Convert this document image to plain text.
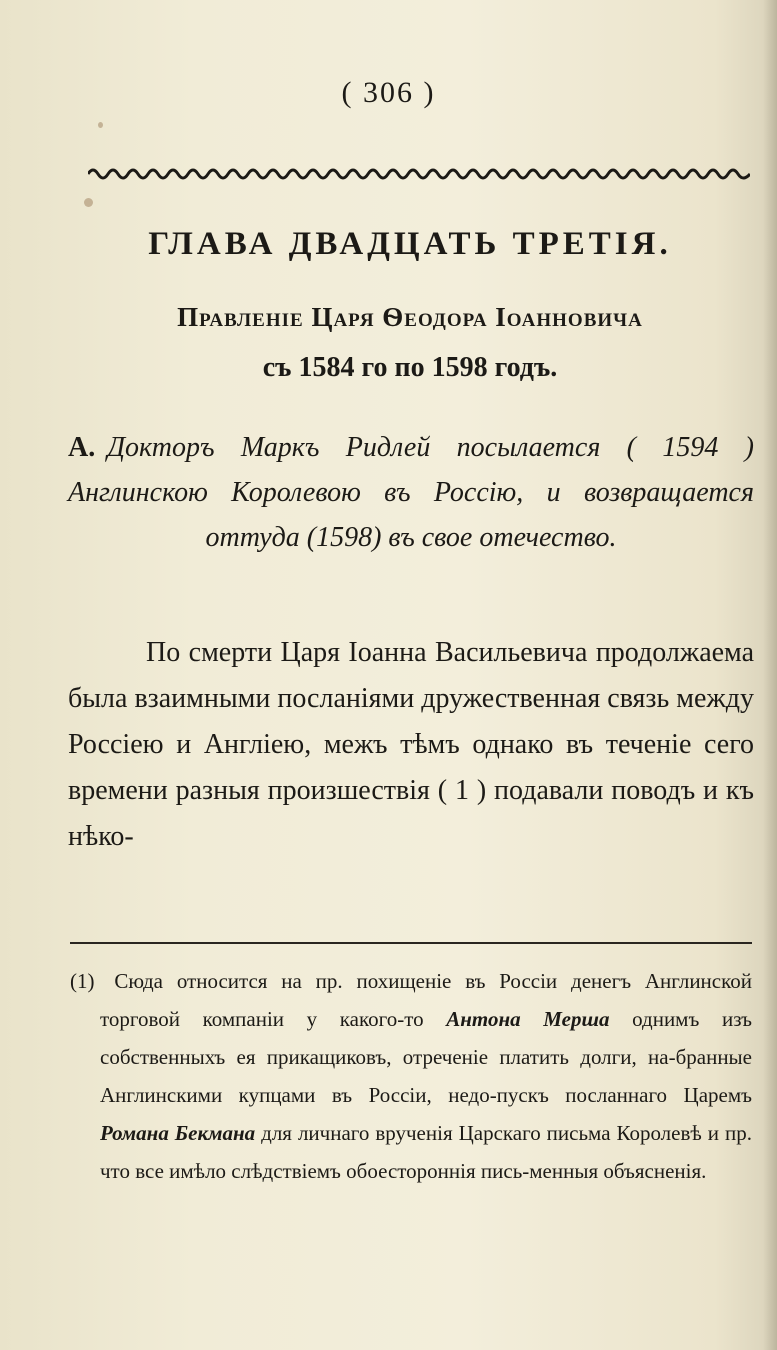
( 306 )
ГЛАВА ДВАДЦАТЬ ТРЕТІЯ.
Правленіе Царя Ѳеодора Іоанновича
съ 1584 го по 1598 годъ.
А. Докторъ Маркъ Ридлей посылается ( 1594 ) Англинскою Королевою въ Россію, и возвращается оттуда (1598) въ свое отечество.
По смерти Царя Іоанна Васильевича продолжаема была взаимными посланіями дружественная связь между Россіею и Англіею, межъ тѣмъ однако въ теченіе сего времени разныя произшествія ( 1 ) подавали поводъ и къ нѣко-
(1) Сюда относится на пр. похищеніе въ Россіи денегъ Англинской торговой компаніи у какого-то Антона Мерша однимъ изъ собственныхъ ея прикащиковъ, отреченіе платить долги, на-бранные Англинскими купцами въ Россіи, недо-пускъ посланнаго Царемъ Романа Бекмана для личнаго врученія Царскаго письма Королевѣ и пр. что все имѣло слѣдствіемъ обоестороннія пись-менныя объясненія.
